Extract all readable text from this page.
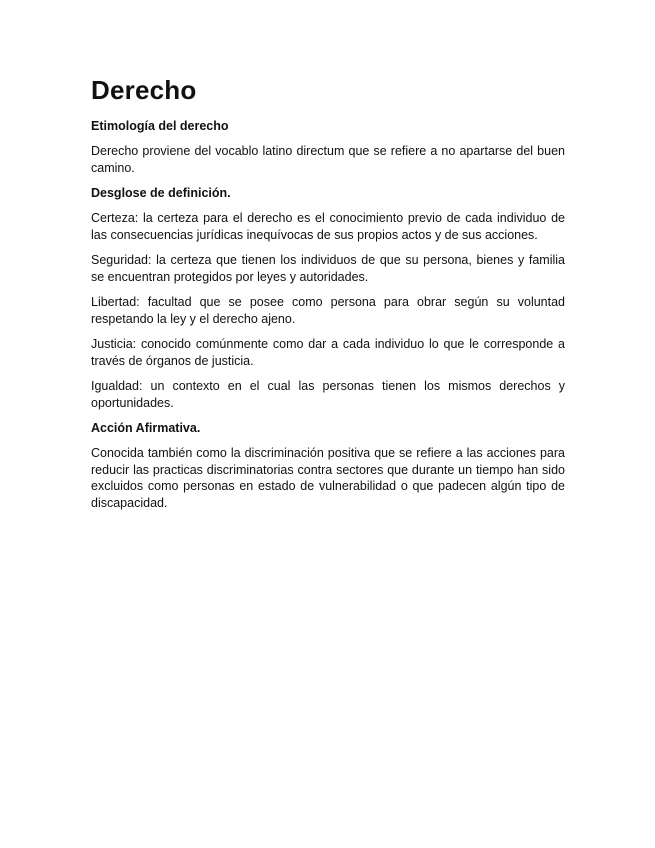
Derecho
Etimología del derecho

Derecho proviene del vocablo latino directum que se refiere a no apartarse del buen camino.

Desglose de definición.

Certeza: la certeza para el derecho es el conocimiento previo de cada individuo de las consecuencias jurídicas inequívocas de sus propios actos y de sus acciones.

Seguridad: la certeza que tienen los individuos de que su persona, bienes y familia se encuentran protegidos por leyes y autoridades.

Libertad: facultad que se posee como persona para obrar según su voluntad respetando la ley y el derecho ajeno.

Justicia: conocido comúnmente como dar a cada individuo lo que le corresponde a través de órganos de justicia.

Igualdad: un contexto en el cual las personas tienen los mismos derechos y oportunidades.

Acción Afirmativa.

Conocida también como la discriminación positiva que se refiere a las acciones para reducir las practicas discriminatorias contra sectores que durante un tiempo han sido excluidos como personas en estado de vulnerabilidad o que padecen algún tipo de discapacidad.
